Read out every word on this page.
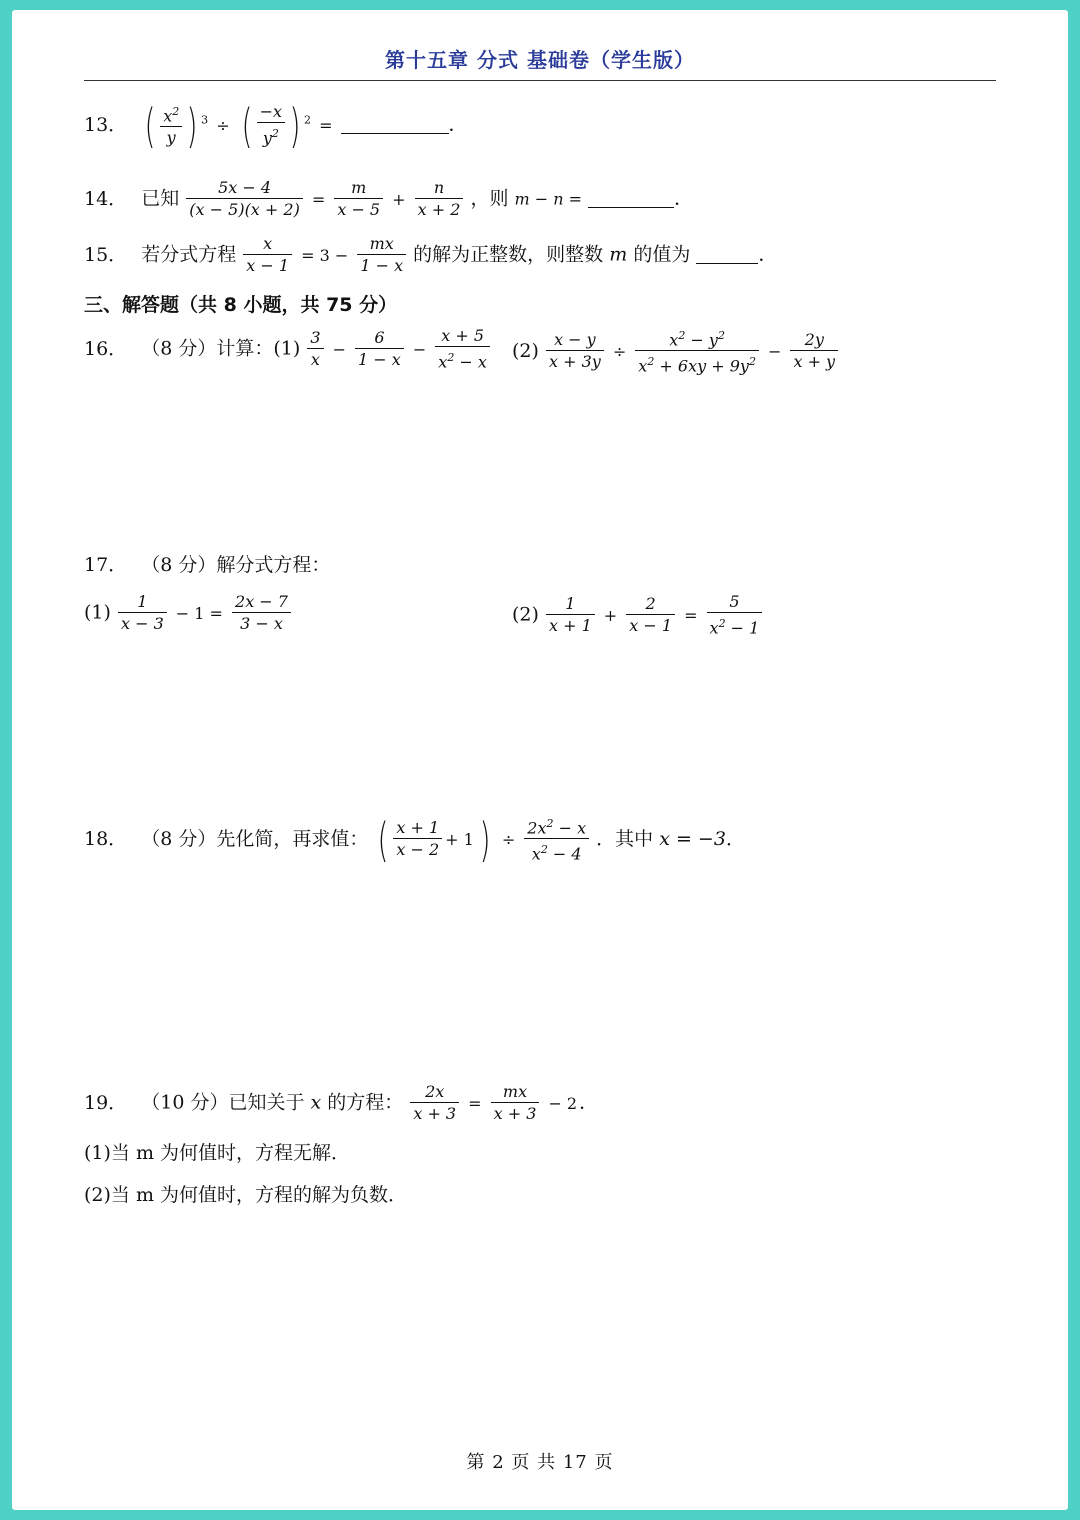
第十五章 分式 基础卷（学生版）
13． ( $\frac{x^2}{y}$ ) $^3$ ÷ ( $\frac{-x}{y^2}$ ) $^2$ =	．
14． 已知 $\frac{5x - 4}{(x - 5)(x + 2)} = \frac{m}{x - 5} + \frac{n}{x + 2}$ ，则 m − n =	．
15． 若分式方程 $\frac{x}{x - 1} = 3 - \frac{mx}{1 - x}$ 的解为正整数，则整数 m 的值为	．
三、解答题（共 8 小题，共 75 分）
16． （8 分）计算：$(1) \frac{3}{x} - \frac{6}{1 - x} - \frac{x + 5}{x^2 - x} (2) \frac{x - y}{x + 3y} \div \frac{x^2 - y^2}{x^2 + 6xy + 9y^2} - \frac{2y}{x + y}$
17． （8 分）解分式方程：
$(1) \frac{1}{x - 3} - 1 = \frac{2x - 7}{3 - x}$	$(2) \frac{1}{x + 1} + \frac{2}{x - 1} = \frac{5}{x^2 - 1}$
18． （8 分）先化简，再求值： ( $\frac{x + 1}{x - 2} + 1$ ) ÷ $\frac{2x^2 - x}{x^2 - 4}$ ．其中 x = −3．
19． （10 分）已知关于 x 的方程： $\frac{2x}{x + 3} = \frac{mx}{x + 3} - 2$ ．
(1)当 m 为何值时，方程无解．
(2)当 m 为何值时，方程的解为负数．
第 2 页 共 17 页
